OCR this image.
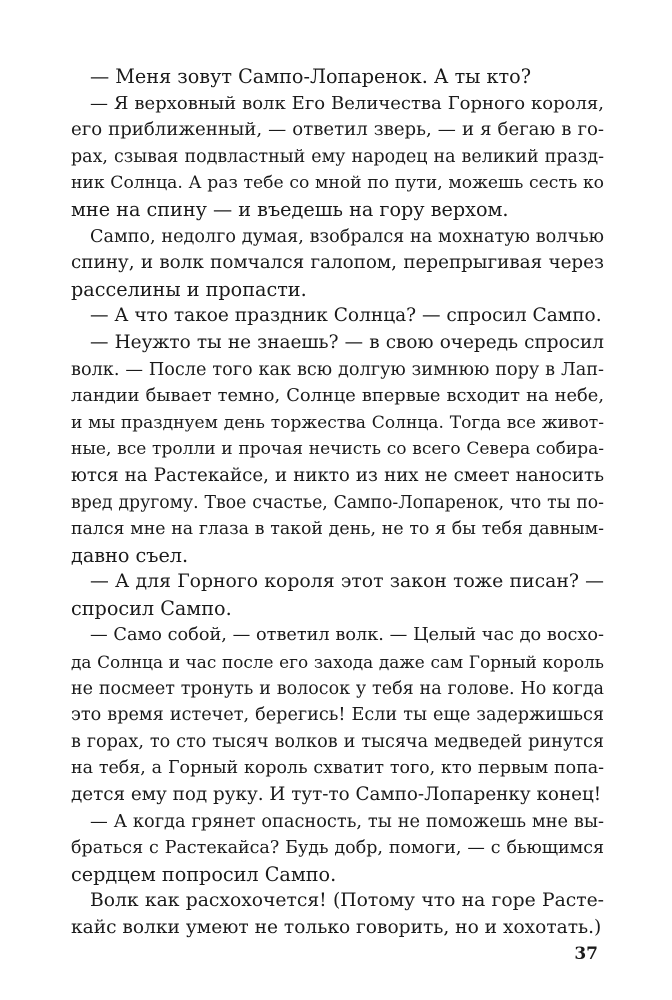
— Меня зовут Сампо-Лопаренок. А ты кто?
— Я верховный волк Его Величества Горного короля,
его приближенный, — ответил зверь, — и я бегаю в го-
рах, сзывая подвластный ему народец на великий празд-
ник Солнца. А раз тебе со мной по пути, можешь сесть ко
мне на спину — и въедешь на гору верхом.
Сампо, недолго думая, взобрался на мохнатую волчью
спину, и волк помчался галопом, перепрыгивая через
расселины и пропасти.
— А что такое праздник Солнца? — спросил Сампо.
— Неужто ты не знаешь? — в свою очередь спросил
волк. — После того как всю долгую зимнюю пору в Лап-
ландии бывает темно, Солнце впервые всходит на небе,
и мы празднуем день торжества Солнца. Тогда все живот-
ные, все тролли и прочая нечисть со всего Севера собира-
ются на Растекайсе, и никто из них не смеет наносить
вред другому. Твое счастье, Сампо-Лопаренок, что ты по-
пался мне на глаза в такой день, не то я бы тебя давным-
давно съел.
— А для Горного короля этот закон тоже писан? —
спросил Сампо.
— Само собой, — ответил волк. — Целый час до восхо-
да Солнца и час после его захода даже сам Горный король
не посмеет тронуть и волосок у тебя на голове. Но когда
это время истечет, берегись! Если ты еще задержишься
в горах, то сто тысяч волков и тысяча медведей ринутся
на тебя, а Горный король схватит того, кто первым попа-
дется ему под руку. И тут-то Сампо-Лопаренку конец!
— А когда грянет опасность, ты не поможешь мне вы-
браться с Растекайса? Будь добр, помоги, — с бьющимся
сердцем попросил Сампо.
Волк как расхохочется! (Потому что на горе Расте-
кайс волки умеют не только говорить, но и хохотать.)
37
